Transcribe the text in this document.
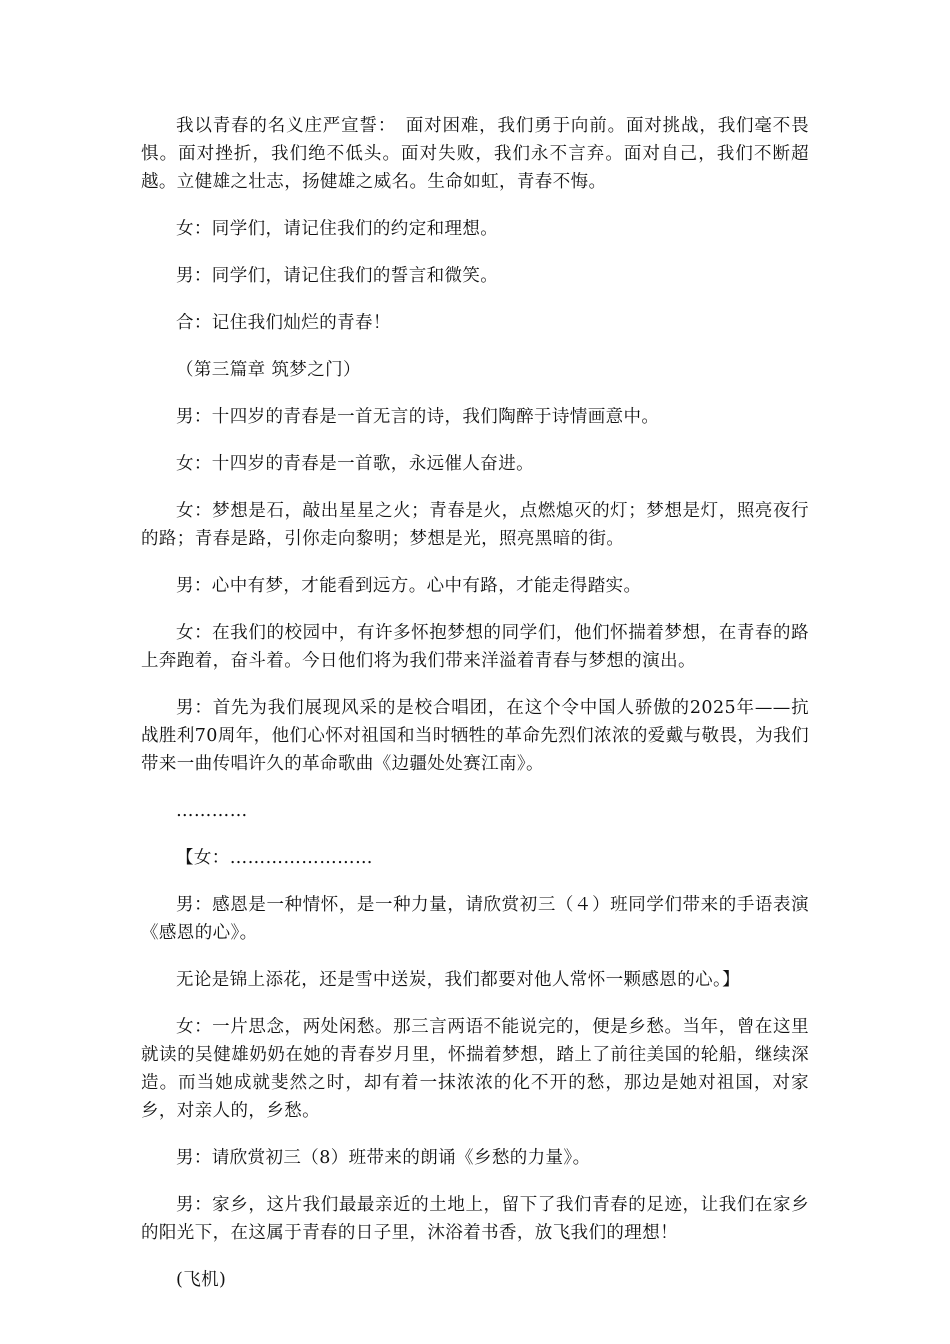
我以青春的名义庄严宣誓：　面对困难，我们勇于向前。面对挑战，我们毫不畏惧。面对挫折，我们绝不低头。面对失败，我们永不言弃。面对自己，我们不断超越。立健雄之壮志，扬健雄之威名。生命如虹，青春不悔。

女：同学们，请记住我们的约定和理想。

男：同学们，请记住我们的誓言和微笑。

合：记住我们灿烂的青春！

（第三篇章 筑梦之门）

男：十四岁的青春是一首无言的诗，我们陶醉于诗情画意中。

女：十四岁的青春是一首歌，永远催人奋进。

女：梦想是石，敲出星星之火；青春是火，点燃熄灭的灯；梦想是灯，照亮夜行的路；青春是路，引你走向黎明；梦想是光，照亮黑暗的街。

男：心中有梦，才能看到远方。心中有路，才能走得踏实。

女：在我们的校园中，有许多怀抱梦想的同学们，他们怀揣着梦想，在青春的路上奔跑着，奋斗着。今日他们将为我们带来洋溢着青春与梦想的演出。

男：首先为我们展现风采的是校合唱团，在这个令中国人骄傲的2025年——抗战胜利70周年，他们心怀对祖国和当时牺牲的革命先烈们浓浓的爱戴与敬畏，为我们带来一曲传唱许久的革命歌曲《边疆处处赛江南》。

…………

【女：……………………

男：感恩是一种情怀，是一种力量，请欣赏初三（４）班同学们带来的手语表演《感恩的心》。

无论是锦上添花，还是雪中送炭，我们都要对他人常怀一颗感恩的心。】

女：一片思念，两处闲愁。那三言两语不能说完的，便是乡愁。当年，曾在这里就读的吴健雄奶奶在她的青春岁月里，怀揣着梦想，踏上了前往美国的轮船，继续深造。而当她成就斐然之时，却有着一抹浓浓的化不开的愁，那边是她对祖国，对家乡，对亲人的，乡愁。

男：请欣赏初三（8）班带来的朗诵《乡愁的力量》。

男：家乡，这片我们最最亲近的土地上，留下了我们青春的足迹，让我们在家乡的阳光下，在这属于青春的日子里，沐浴着书香，放飞我们的理想！

(飞机)
